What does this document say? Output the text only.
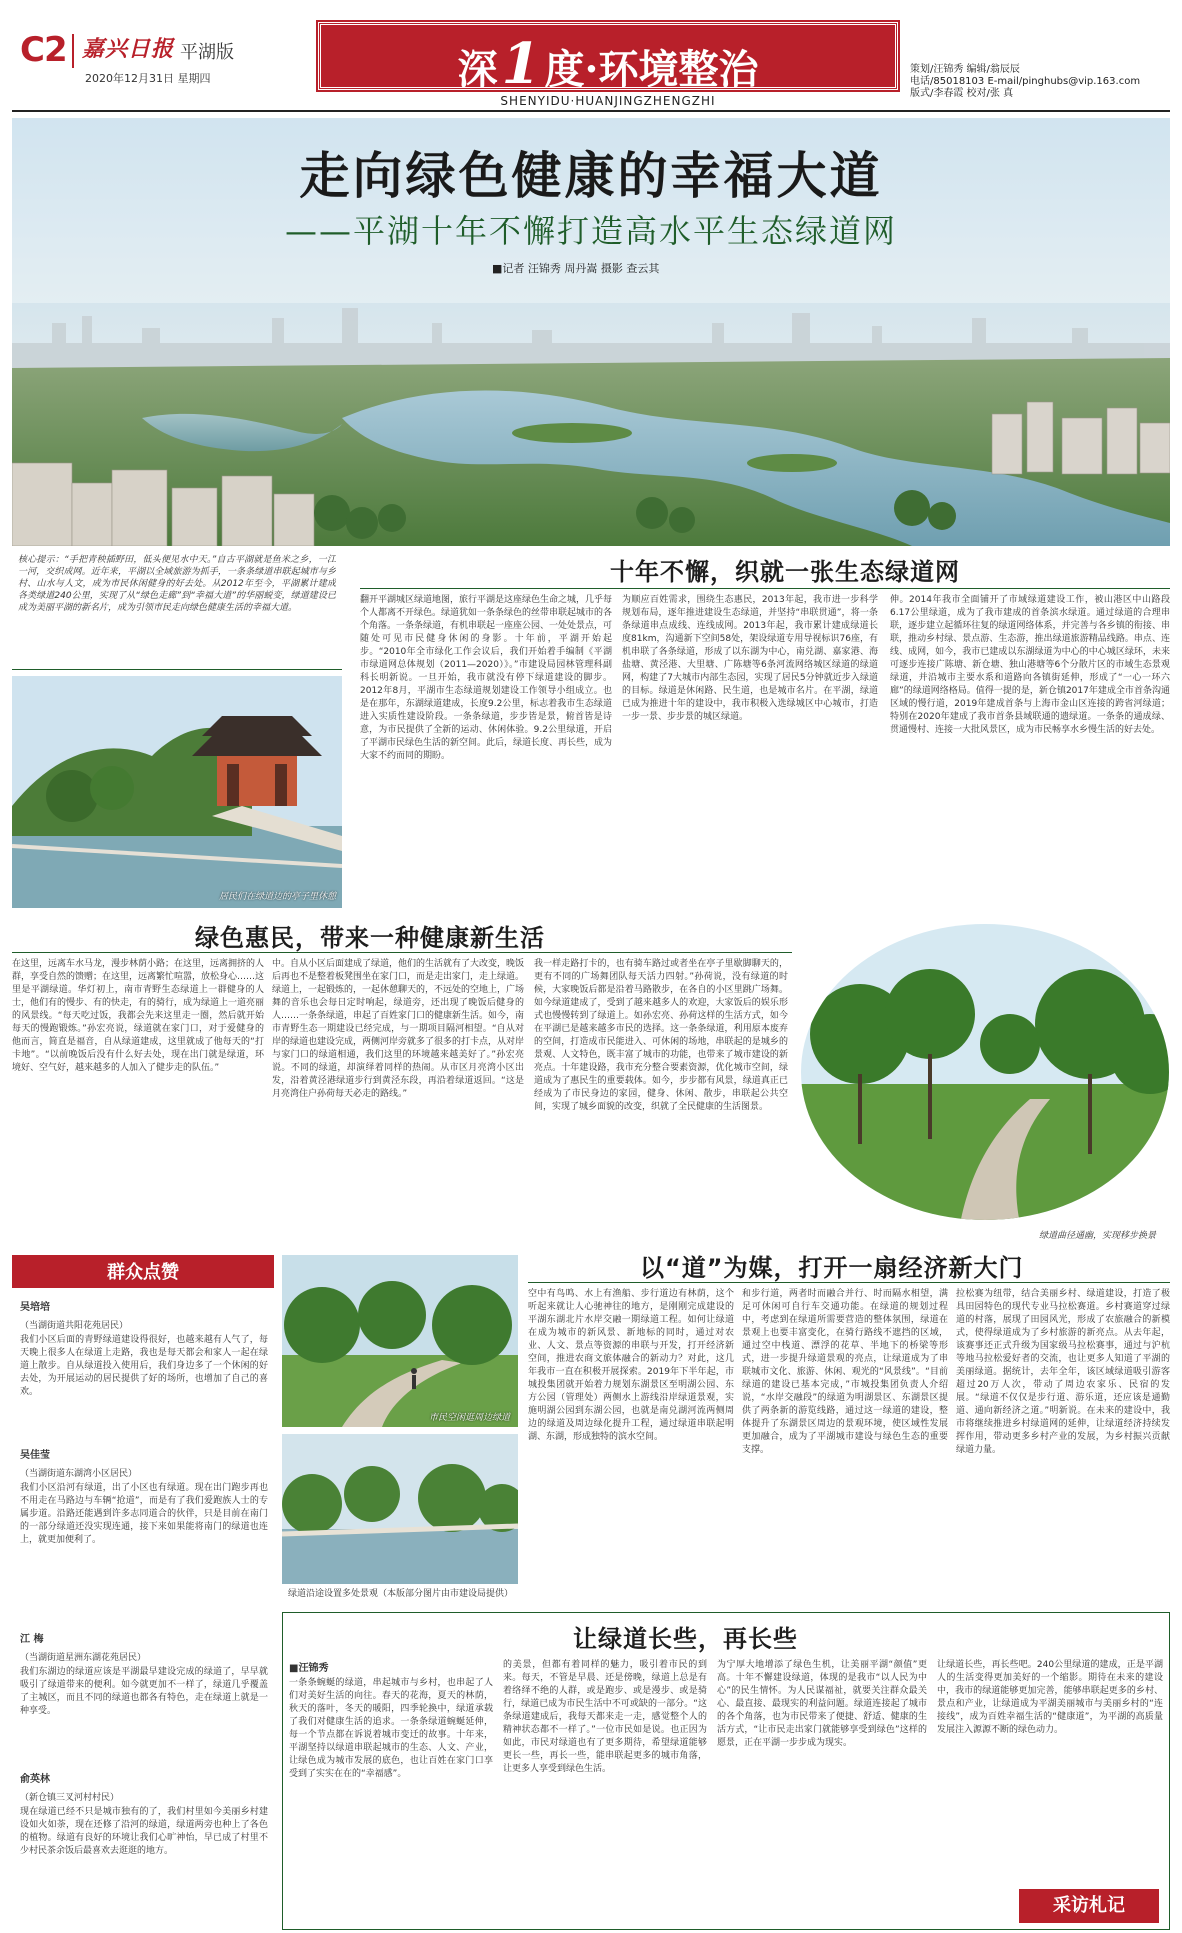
C2 嘉兴日报 平湖版
2020年12月31日 星期四	深1 度·环境整治
SHENYIDU·HUANJINGZHENGZHI
策划/汪锦秀 编辑/翁辰辰
电话/85018103 E-mail/pinghubs@vip.163.com
版式/李春霞 校对/张 真
走向绿色健康的幸福大道
——平湖十年不懈打造高水平生态绿道网
■记者 汪锦秀 周丹嵩 摄影 查云其
核心提示：“手把青秧插野田，低头便见水中天。”自古平湖就是鱼米之乡，一江一河，交织成网。近年来，平湖以全域旅游为抓手，一条条绿道串联起城市与乡村、山水与人文，成为市民休闲健身的好去处。从2012年至今，平湖累计建成各类绿道240公里，实现了从“绿色走廊”到“幸福大道”的华丽蜕变，绿道建设已成为美丽平湖的新名片，成为引领市民走向绿色健康生活的幸福大道。
居民们在绿道边的亭子里休憩
十年不懈，织就一张生态绿道网
翻开平湖城区绿道地图，旅行平湖是这座绿色生命之城，几乎每个人都离不开绿色。绿道犹如一条条绿色的丝带串联起城市的各个角落。一条条绿道，有机串联起一座座公园、一处处景点，可随处可见市民健身休闲的身影。十年前，平湖开始起步。“2010年全市绿化工作会议后，我们开始着手编制《平湖市绿道网总体规划（2011—2020）》。”市建设局园林管理科副科长明新说。一旦开始，我市就没有停下绿道建设的脚步。2012年8月，平湖市生态绿道规划建设工作领导小组成立。也是在那年，东湖绿道建成，长度9.2公里，标志着我市生态绿道进入实质性建设阶段。一条条绿道，步步皆是景，俯首皆是诗意，为市民提供了全新的运动、休闲体验。9.2公里绿道，开启了平湖市民绿色生活的新空间。此后，绿道长度、再长些，成为大家不约而同的期盼。
为顺应百姓需求，围绕生态惠民，2013年起，我市进一步科学规划布局，逐年推进建设生态绿道，并坚持“串联贯通”，将一条条绿道串点成线、连线成网。2013年起，我市累计建成绿道长度81km，沟通新下空间58处，架设绿道专用导视标识76座，有机串联了各条绿道，形成了以东湖为中心，南兑湖、嘉家港、海盐塘、黄泾港、大里塘、广陈塘等6条河流网络城区绿道的绿道网，构建了7大城市内部生态园，实现了居民5分钟就近步入绿道的目标。绿道是休闲路、民生道，也是城市名片。在平湖，绿道已成为推进十年的建设中，我市积极入选绿城区中心城市，打造一步一景、步步景的城区绿道。
伸。2014年我市全面铺开了市域绿道建设工作，被山港区中山路段6.17公里绿道，成为了我市建成的首条滨水绿道。通过绿道的合理串联，逐步建立起循环往复的绿道网络体系，并完善与各乡镇的衔接、串联，推动乡村绿、景点游、生态游，推出绿道旅游精品线路。串点、连线、成网，如今，我市已建成以东湖绿道为中心的中心城区绿环，未来可逐步连接广陈塘、新仓塘、独山港塘等6个分散片区的市域生态景观绿道，并沿城市主要水系和道路向各镇街延伸，形成了“一心一环六廊”的绿道网络格局。值得一提的是，新仓镇2017年建成全市首条沟通区域的慢行道，2019年建成首条与上海市金山区连接的跨省河绿道；特别在2020年建成了我市首条县域联通的遗绿道。一条条的通成绿、贯通慢村、连接一大批风景区，成为市民畅享水乡慢生活的好去处。
绿色惠民，带来一种健康新生活
在这里，远离车水马龙，漫步林荫小路；在这里，远离拥挤的人群，享受自然的馈赠；在这里，远离繁忙喧嚣，放松身心……这里是平湖绿道。华灯初上，南市青野生态绿道上一群健身的人士，他们有的慢步、有的快走，有的骑行，成为绿道上一道亮丽的风景线。“每天吃过饭，我都会先来这里走一圈，然后就开始每天的慢跑锻炼。”孙宏亮说，绿道就在家门口，对于爱健身的他而言，简直是福音，自从绿道建成，这里就成了他每天的“打卡地”。“以前晚饭后没有什么好去处，现在出门就是绿道，环境好、空气好，越来越多的人加入了健步走的队伍。”
中。自从小区后面建成了绿道，他们的生活就有了大改变，晚饭后再也不是整着板凳围坐在家门口，而是走出家门，走上绿道。绿道上，一起锻炼的，一起休憩聊天的，不远处的空地上，广场舞的音乐也会每日定时响起，绿道旁，还出现了晚饭后健身的人……一条条绿道，串起了百姓家门口的健康新生活。如今，南市青野生态一期建设已经完成，与一期项目隔河相望。“自从对岸的绿道也建设完成，两侧河岸旁就多了很多的打卡点，从对岸与家门口的绿道相通，我们这里的环境越来越美好了。”孙宏亮说。不同的绿道，却演绎着同样的热闹。从市区月亮湾小区出发，沿着黄泾港绿道步行到黄泾东段，再沿着绿道返回。“这是月亮湾住户孙荷每天必走的路线。”
我一样走路打卡的，也有骑车路过或者坐在亭子里歇脚聊天的，更有不同的广场舞团队每天活力四射。”孙荷说，没有绿道的时候，大家晚饭后都是沿着马路散步，在各自的小区里跳广场舞。如今绿道建成了，受到了越来越多人的欢迎，大家饭后的娱乐形式也慢慢转到了绿道上。如孙宏亮、孙荷这样的生活方式，如今在平湖已是越来越多市民的选择。这一条条绿道，利用原本废弃的空间，打造成市民能进入、可休闲的场地，串联起的是城乡的景观、人文特色，既丰富了城市的功能，也带来了城市建设的新亮点。十年建设路，我市充分整合要素资源，优化城市空间，绿道成为了惠民生的重要载体。如今，步步都有风景，绿道真正已经成为了市民身边的家园，健身、休闲、散步，串联起公共空间，实现了城乡面貌的改变，织就了全民健康的生活图景。
绿道曲径通幽，实现移步换景
群众点赞
吴培培
（当湖街道共阳花苑居民）
我们小区后面的青野绿道建设得很好，也越来越有人气了，每天晚上很多人在绿道上走路，我也是每天都会和家人一起在绿道上散步。自从绿道投入使用后，我们身边多了一个休闲的好去处，为开展运动的居民提供了好的场所，也增加了自己的喜欢。
吴佳莹
（当湖街道东湖湾小区居民）
我们小区沿河有绿道，出了小区也有绿道。现在出门跑步再也不用走在马路边与车辆“抢道”，而是有了我们爱跑族人士的专属步道。沿路还能遇到许多志同道合的伙伴，只是目前在南门的一部分绿道还没实现连通，接下来如果能将南门的绿道也连上，就更加便利了。
江 梅
（当湖街道星洲东湖花苑居民）
我们东湖边的绿道应该是平湖最早建设完成的绿道了，早早就吸引了绿道带来的便利。如今就更加不一样了，绿道几乎覆盖了主城区，而且不同的绿道也都各有特色，走在绿道上就是一种享受。
俞英林
（新仓镇三叉河村村民）
现在绿道已经不只是城市独有的了，我们村里如今美丽乡村建设如火如荼，现在还修了沿河的绿道，绿道两旁也种上了各色的植物。绿道有良好的环境让我们心旷神怡，早已成了村里不少村民茶余饭后最喜欢去逛逛的地方。
市民空闲逛周边绿道
绿道沿途设置多处景观（本版部分图片由市建设局提供）
以“道”为媒，打开一扇经济新大门
空中有鸟鸣、水上有渔船、步行道边有林荫，这个听起来就让人心驰神往的地方，是刚刚完成建设的平湖东湖北片水岸交融一期绿道工程。如何让绿道在成为城市的新风景、新地标的同时，通过对农业、人文、景点等资源的串联与开发，打开经济新空间，推进农商文旅体融合的新动力？对此，这几年我市一直在积极开展探索。2019年下半年起，市城投集团就开始着力规划东湖景区至明湖公园、东方公园（管理处）两侧水上游线沿岸绿道景观，实施明湖公园到东湖公园，也就是南兑湖河流两侧周边的绿道及周边绿化提升工程，通过绿道串联起明湖、东湖，形成独特的滨水空间。
和步行道，两者时而融合并行、时而隔水相望，满足可休闲可自行车交通功能。在绿道的规划过程中，考虑到在绿道所需要营造的整体氛围，绿道在景观上也要丰富变化，在骑行路线不遮挡的区域，通过空中栈道、漂浮的花草、半地下的桥梁等形式，进一步提升绿道景观的亮点，让绿道成为了串联城市文化、旅游、休闲、观光的“风景线”。“目前绿道的建设已基本完成，”市城投集团负责人介绍说，“水岸交融段”的绿道为明湖景区、东湖景区提供了两条新的游览线路，通过这一绿道的建设，整体提升了东湖景区周边的景观环境，使区域性发展更加融合，成为了平湖城市建设与绿色生态的重要支撑。
拉松赛为纽带，结合美丽乡村、绿道建设，打造了极具田园特色的现代专业马拉松赛道。乡村赛道穿过绿道的村落，展现了田园风光，形成了农旅融合的新模式，使得绿道成为了乡村旅游的新亮点。从去年起，该赛事还正式升级为国家级马拉松赛事，通过与沪杭等地马拉松爱好者的交流，也让更多人知道了平湖的美丽绿道。据统计，去年全年，该区域绿道吸引游客超过20万人次，带动了周边农家乐、民宿的发展。“绿道不仅仅是步行道、游乐道，还应该是通勤道、通向新经济之道。”明新说。在未来的建设中，我市将继续推进乡村绿道网的延伸，让绿道经济持续发挥作用，带动更多乡村产业的发展，为乡村振兴贡献绿道力量。
让绿道长些，再长些
■汪锦秀
一条条蜿蜒的绿道，串起城市与乡村，也串起了人们对美好生活的向往。春天的花海，夏天的林荫，秋天的落叶，冬天的暖阳，四季轮换中，绿道承载了我们对健康生活的追求。一条条绿道蜿蜒延伸，每一个节点都在诉说着城市变迁的故事。十年来，平湖坚持以绿道串联起城市的生态、人文、产业，让绿色成为城市发展的底色，也让百姓在家门口享受到了实实在在的“幸福感”。
的美景，但都有着同样的魅力，吸引着市民的到来。每天，不管是早晨、还是傍晚，绿道上总是有着络绎不绝的人群，或是跑步、或是漫步、或是骑行，绿道已成为市民生活中不可或缺的一部分。“这条绿道建成后，我每天都来走一走，感觉整个人的精神状态都不一样了。”一位市民如是说。也正因为如此，市民对绿道也有了更多期待，希望绿道能够更长一些，再长一些，能串联起更多的城市角落，让更多人享受到绿色生活。
为宁厚大地增添了绿色生机，让美丽平湖“颜值”更高。十年不懈建设绿道，体现的是我市“以人民为中心”的民生情怀。为人民谋福祉，就要关注群众最关心、最直接、最现实的利益问题。绿道连接起了城市的各个角落，也为市民带来了便捷、舒适、健康的生活方式，“让市民走出家门就能够享受到绿色”这样的愿景，正在平湖一步步成为现实。
让绿道长些，再长些吧。240公里绿道的建成，正是平湖人的生活变得更加美好的一个缩影。期待在未来的建设中，我市的绿道能够更加完善，能够串联起更多的乡村、景点和产业，让绿道成为平湖美丽城市与美丽乡村的“连接线”，成为百姓幸福生活的“健康道”，为平湖的高质量发展注入源源不断的绿色动力。
采访札记
